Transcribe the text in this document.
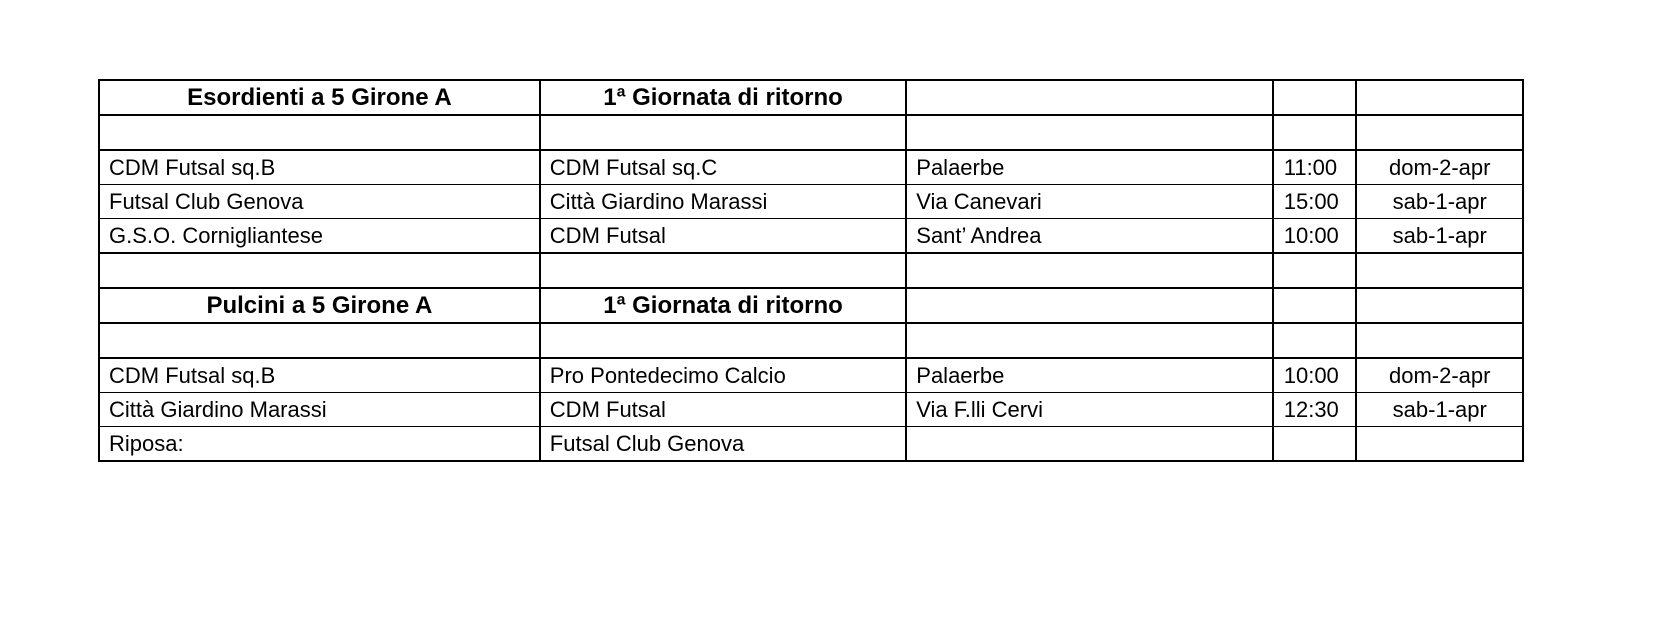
Esordienti a 5 Girone A	1ª Giornata di ritorno			

CDM Futsal sq.B	CDM Futsal sq.C	Palaerbe	11:00	dom-2-apr
Futsal Club Genova	Città Giardino Marassi	Via Canevari	15:00	sab-1-apr
G.S.O. Cornigliantese	CDM Futsal	Sant’ Andrea	10:00	sab-1-apr

Pulcini a 5 Girone A	1ª Giornata di ritorno			

CDM Futsal sq.B	Pro Pontedecimo Calcio	Palaerbe	10:00	dom-2-apr
Città Giardino Marassi	CDM Futsal	Via F.lli Cervi	12:30	sab-1-apr
Riposa:	Futsal Club Genova			
